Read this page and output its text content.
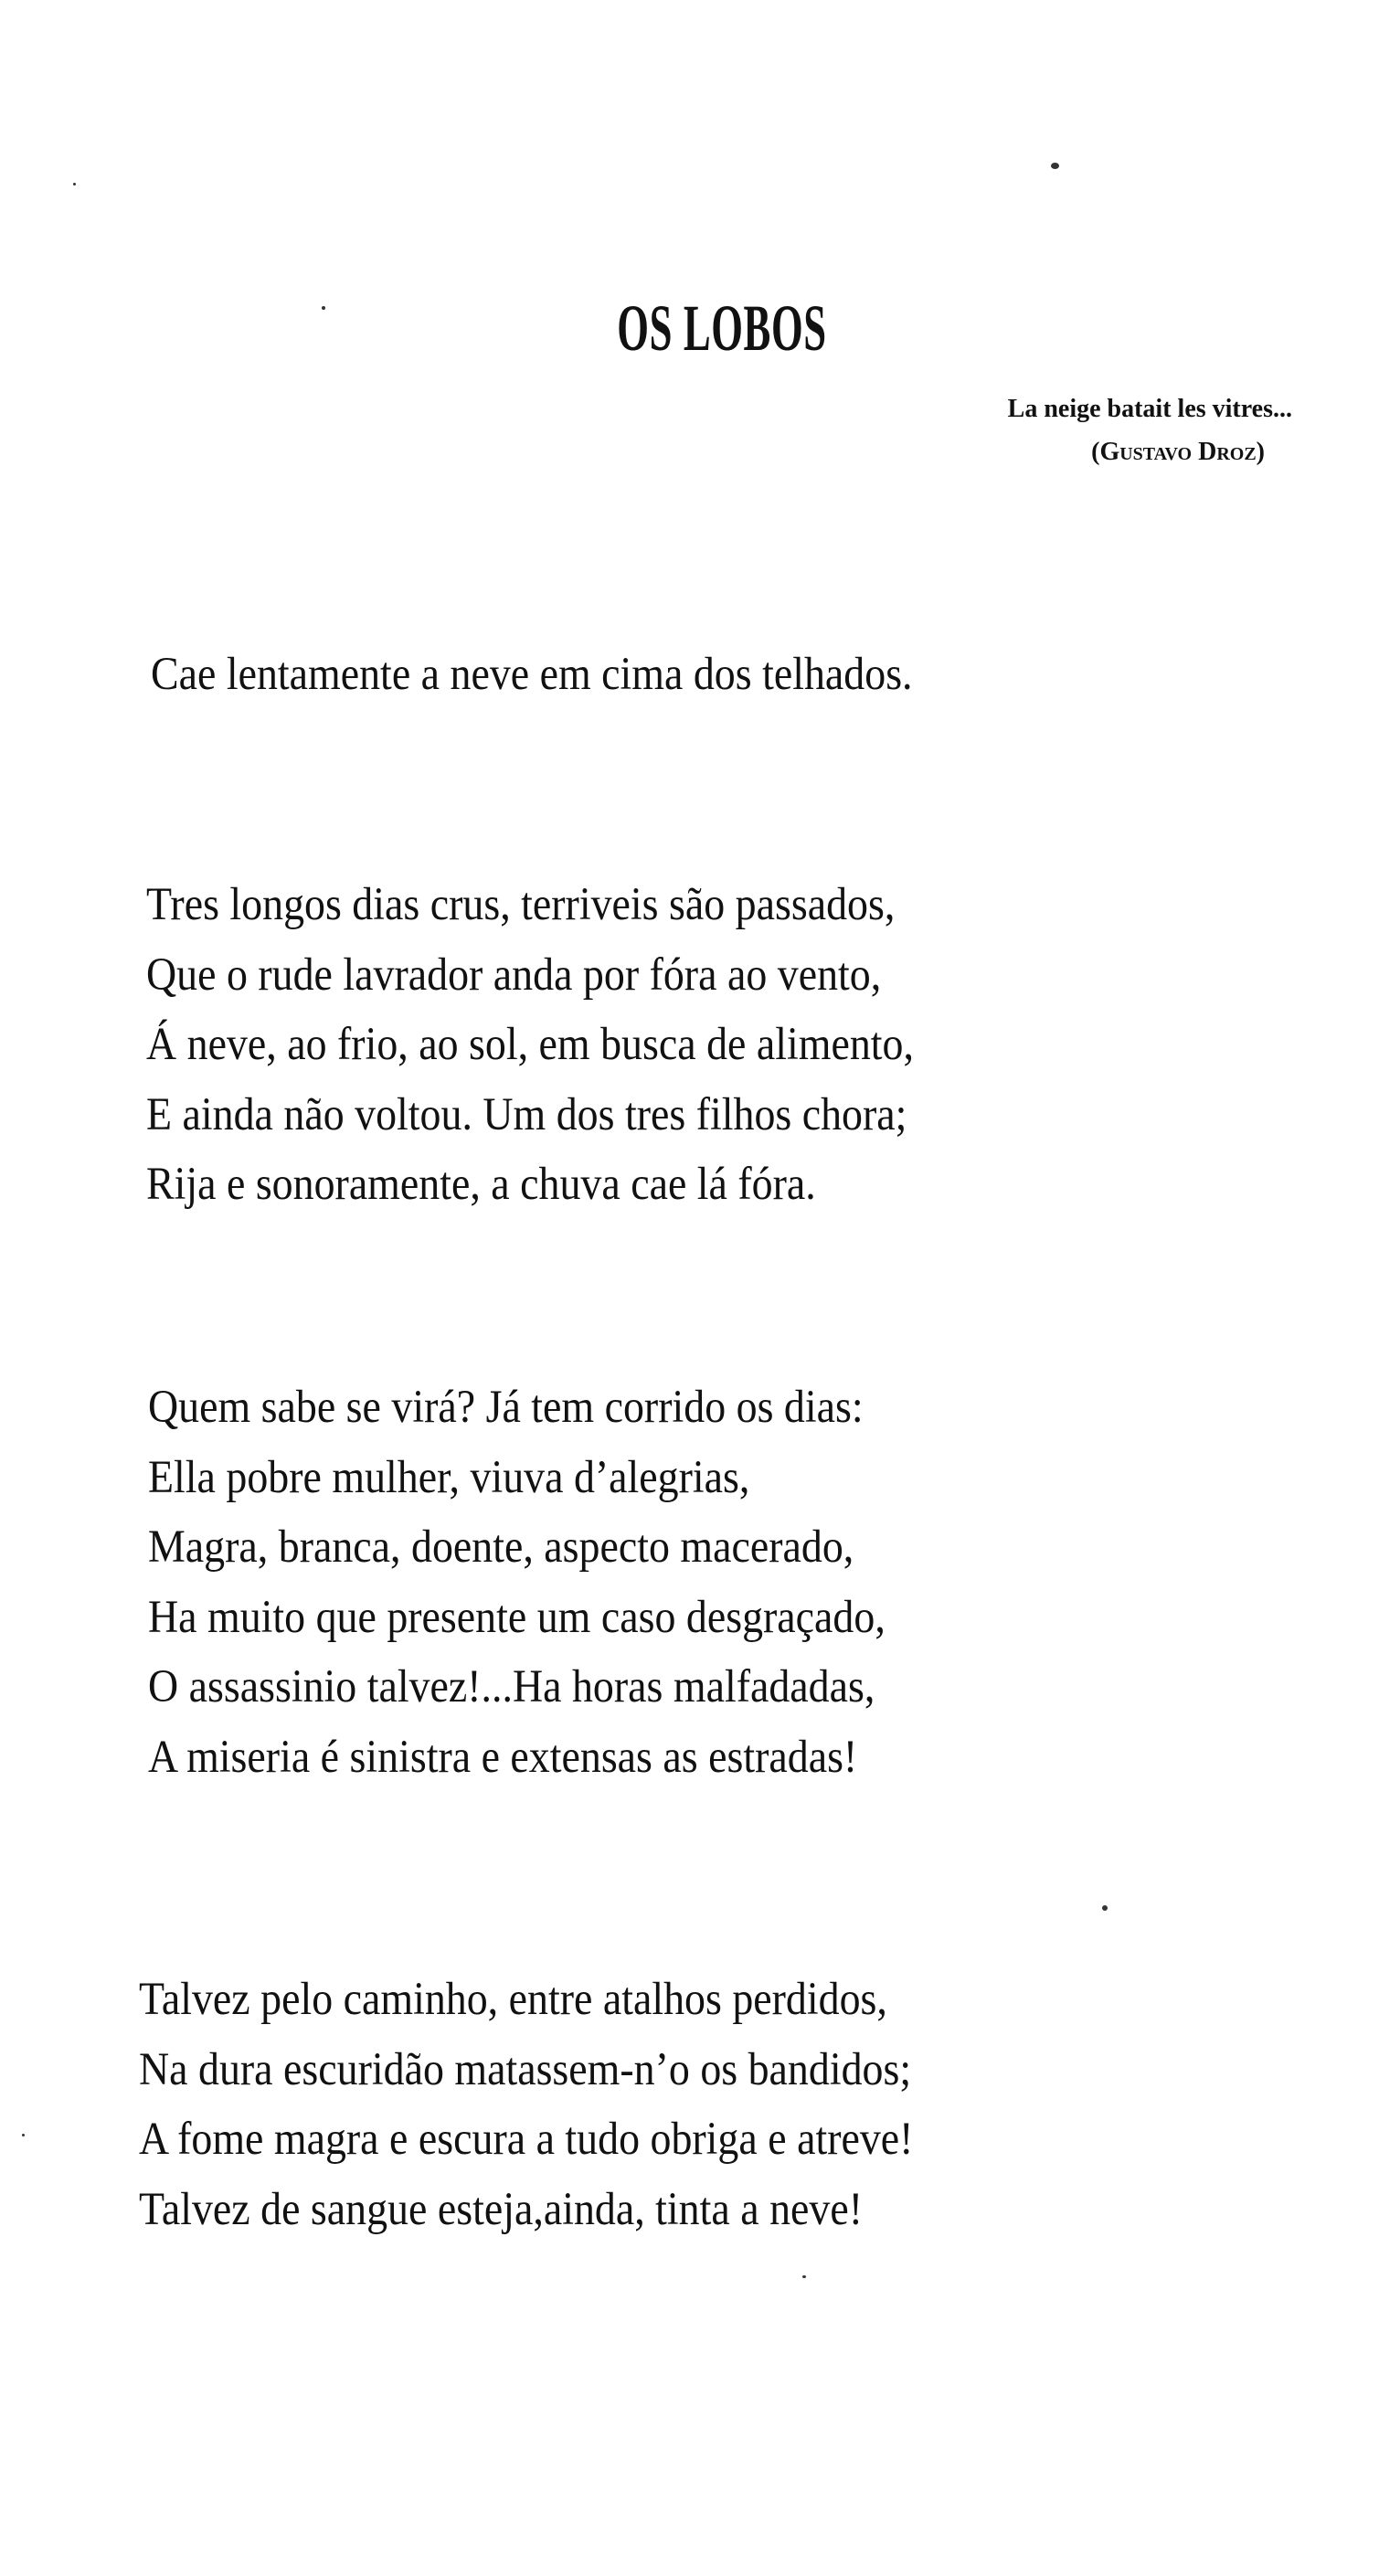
OS LOBOS
La neige batait les vitres...
(Gustavo Droz)
Cae lentamente a neve em cima dos telhados.
Tres longos dias crus, terriveis são passados,
Que o rude lavrador anda por fóra ao vento,
Á neve, ao frio, ao sol, em busca de alimento,
E ainda não voltou. Um dos tres filhos chora;
Rija e sonoramente, a chuva cae lá fóra.
Quem sabe se virá? Já tem corrido os dias:
Ella pobre mulher, viuva d’alegrias,
Magra, branca, doente, aspecto macerado,
Ha muito que presente um caso desgraçado,
O assassinio talvez!...Ha horas malfadadas,
A miseria é sinistra e extensas as estradas!
Talvez pelo caminho, entre atalhos perdidos,
Na dura escuridão matassem-n’o os bandidos;
A fome magra e escura a tudo obriga e atreve!
Talvez de sangue esteja,ainda, tinta a neve!
